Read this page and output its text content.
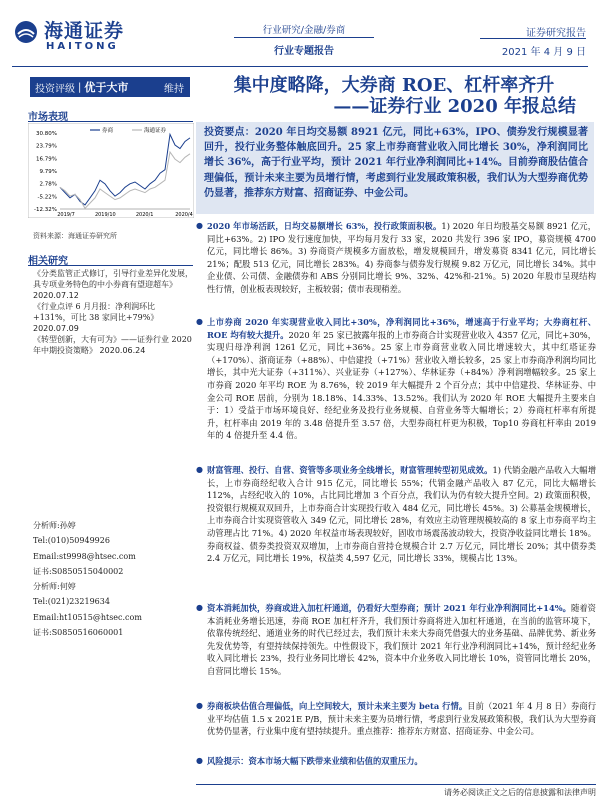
海通证券
HAITONG
行业研究/金融/券商
行业专题报告
证券研究报告
2021 年 4 月 9 日
投资评级 | 优于大市	维持	集中度略降，大券商 ROE、杠杆率齐升
——证券行业 2020 年报总结
市场表现
30.80%
23.79%
16.79%
9.79%
2.78%
-5.22%
-12.32%
2019/7	2019/10	2020/1	2020/4
券商	海通证券
资料来源：海通证券研究所
相关研究
《分类监管正式修订，引导行业差异化发展，具专项业务特色的中小券商有望迎超车》 2020.07.12
《行业点评 6 月月报：净利润环比 +131%，可比 38 家同比+79%》 2020.07.09
《转型创新，大有可为》——证券行业 2020 年中期投资策略》 2020.06.24
分析师:孙婷
Tel:(010)50949926
Email:st9998@htsec.com
证书:S0850515040002
分析师:何婷
Tel:(021)23219634
Email:ht10515@htsec.com
证书:S0850516060001

投资要点：2020 年日均交易额 8921 亿元，同比+63%，IPO、债券发行规模显著回升，投行业务整体触底回升。25 家上市券商营业收入同比增长 30%，净利润同比增长 36%，高于行业平均，预计 2021 年行业净利润同比+14%。目前券商股估值合理偏低，预计未来主要为员增行情，考虑到行业发展政策积极，我们认为大型券商优势仍显著，推荐东方财富、招商证券、中金公司。

● 2020 年市场活跃，日均交易额增长 63%，投行政策面积极。1) 2020 年日均股基交易额 8921 亿元，同比+63%。2) IPO 发行速度加快，平均每月发行 33 家，2020 共发行 396 家 IPO，募资规模 4700 亿元，同比增长 86%。3) 券商资产规模多方面放松，增发规模回升，增发募资 8341 亿元，同比增长 21%；配股 513 亿元，同比增长 283%。4) 券商参与债券发行规模 9.82 万亿元，同比增长 34%。其中企业债、公司债、金融债券和 ABS 分别同比增长 9%、32%、42%和-21%。5) 2020 年股市呈现结构性行情，创业板表现较好，主板较弱；债市表现稍差。
● 上市券商 2020 年实现营业收入同比+30%，净利润同比+36%，增速高于行业平均；大券商杠杆、ROE 均有较大提升。2020 年 25 家已披露年报的上市券商合计实现营业收入 4357 亿元，同比+30%，实现归母净利润 1261 亿元，同比+36%。25 家上市券商营业收入同比增速较大，其中红塔证券（+170%）、浙商证券（+88%）、中信建投（+71%）营业收入增长较多，25 家上市券商净利润均同比增长，其中光大证券（+311%）、兴业证券（+127%）、华林证券（+84%）净利润增幅较多。25 家上市券商 2020 年平均 ROE 为 8.76%，较 2019 年大幅提升 2 个百分点；其中中信建投、华林证券、中金公司 ROE 居前，分别为 18.18%、14.33%、13.52%。我们认为 2020 年 ROE 大幅提升主要来自于：1）受益于市场环境良好、经纪业务及投行业务规模、自营业务等大幅增长；2）券商杠杆率有所提升，杠杆率由 2019 年的 3.48 倍提升至 3.57 倍，大型券商杠杆更为积极，Top10 券商杠杆率由 2019 年的 4 倍提升至 4.4 倍。
● 财富管理、投行、自营、资管等多项业务全线增长，财富管理转型初见成效。1) 代销金融产品收入大幅增长，上市券商经纪收入合计 915 亿元，同比增长 55%；代销金融产品收入 87 亿元，同比大幅增长 112%，占经纪收入的 10%，占比同比增加 3 个百分点，我们认为仍有较大提升空间。2) 政策面积极，投资银行规模双双回升，上市券商合计实现投行收入 484 亿元，同比增长 45%。3) 公募基金规模增长，上市券商合计实现资管收入 349 亿元，同比增长 28%，有效应主动管理规模较高的 8 家上市券商平均主动管理占比 71%。4) 2020 年权益市场表现较好，固收市场震荡波动较大，投资净收益同比增长 18%。券商权益、债券类投资双双增加，上市券商自营持仓规模合计 2.7 万亿元，同比增长 20%；其中债券类 2.4 万亿元，同比增长 19%，权益类 4,597 亿元，同比增长 33%，规模占比 13%。
● 资本消耗加快，券商或进入加杠杆通道，仍看好大型券商；预计 2021 年行业净利润同比+14%。随着资本消耗业务增长迅速，券商 ROE 加杠杆齐升，我们预计券商将进入加杠杆通道，在当前的监管环境下，依靠传统经纪、通道业务的时代已经过去，我们预计未来大券商凭借强大的业务基础、品牌优势、新业务先发优势等，有望持续保持领先。中性假设下，我们预计 2021 年行业净利润同比+14%，预计经纪业务收入同比增长 23%，投行业务同比增长 42%，资本中介业务收入同比增长 10%，资管同比增长 20%，自营同比增长 15%。
● 券商板块估值合理偏低，向上空间较大，预计未来主要为 beta 行情。目前（2021 年 4 月 8 日）券商行业平均估值 1.5 x 2021E P/B，预计未来主要为员增行情，考虑到行业发展政策积极，我们认为大型券商优势仍显著，行业集中度有望持续提升。重点推荐：推荐东方财富、招商证券、中金公司。
● 风险提示：资本市场大幅下跌带来业绩和估值的双重压力。
请务必阅读正文之后的信息披露和法律声明
